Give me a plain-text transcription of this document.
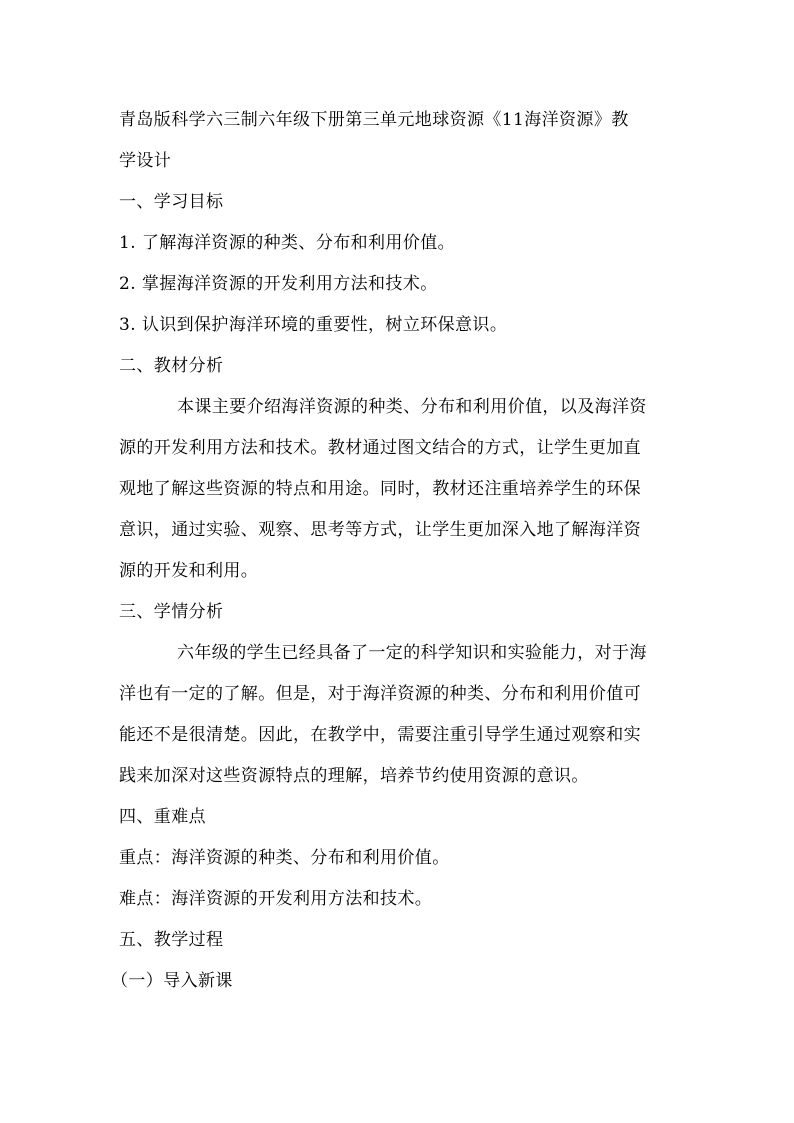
青岛版科学六三制六年级下册第三单元地球资源《11海洋资源》教
学设计
一、学习目标
1. 了解海洋资源的种类、分布和利用价值。
2. 掌握海洋资源的开发利用方法和技术。
3. 认识到保护海洋环境的重要性，树立环保意识。
二、教材分析
本课主要介绍海洋资源的种类、分布和利用价值，以及海洋资
源的开发利用方法和技术。教材通过图文结合的方式，让学生更加直
观地了解这些资源的特点和用途。同时，教材还注重培养学生的环保
意识，通过实验、观察、思考等方式，让学生更加深入地了解海洋资
源的开发和利用。
三、学情分析
六年级的学生已经具备了一定的科学知识和实验能力，对于海
洋也有一定的了解。但是，对于海洋资源的种类、分布和利用价值可
能还不是很清楚。因此，在教学中，需要注重引导学生通过观察和实
践来加深对这些资源特点的理解，培养节约使用资源的意识。
四、重难点
重点：海洋资源的种类、分布和利用价值。
难点：海洋资源的开发利用方法和技术。
五、教学过程
（一）导入新课
